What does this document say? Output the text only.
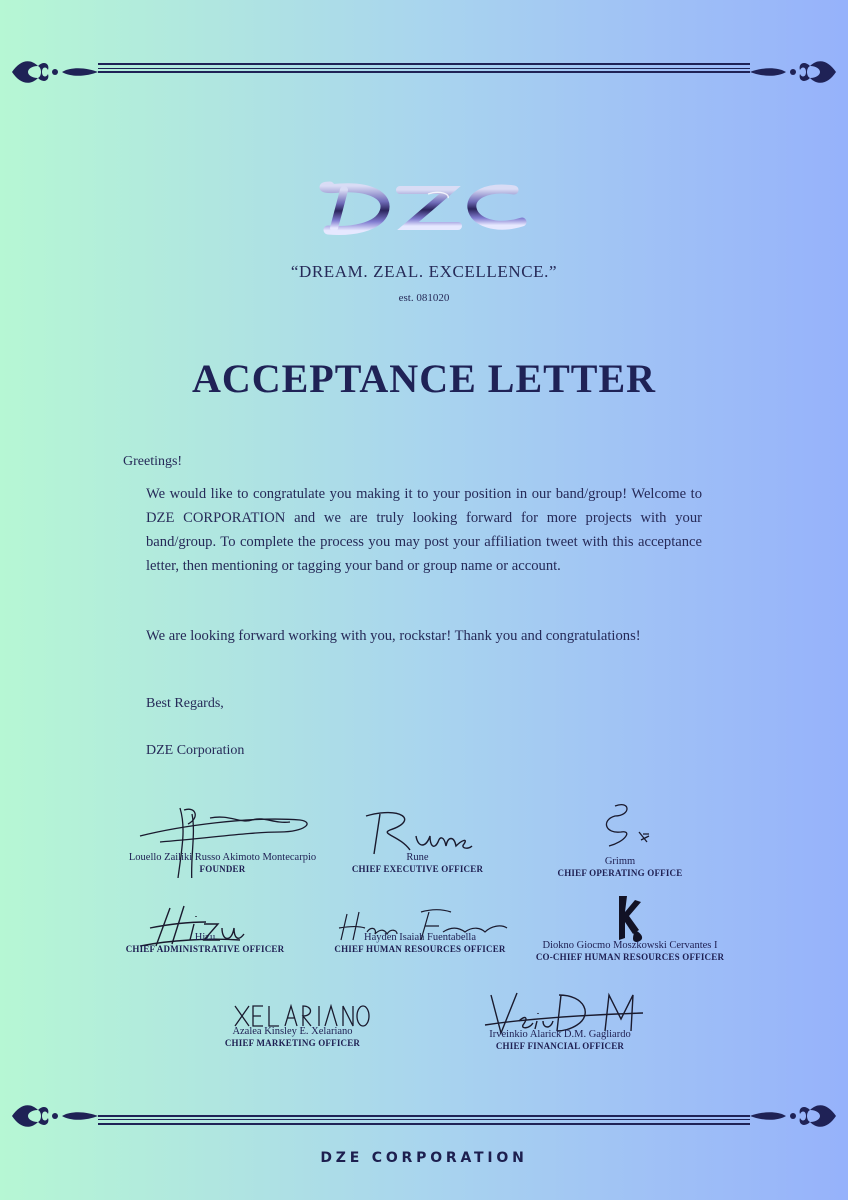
“DREAM. ZEAL. EXCELLENCE.”
est. 081020
ACCEPTANCE LETTER
Greetings!
We would like to congratulate you making it to your position in our band/group! Welcome to DZE CORPORATION and we are truly looking forward for more projects with your band/group. To complete the process you may post your affiliation tweet with this acceptance letter, then mentioning or tagging your band or group name or account.
We are looking forward working with you, rockstar! Thank you and congratulations!
Best Regards,
DZE Corporation
Louello Zailiki Russo Akimoto Montecarpio
FOUNDER
Rune
CHIEF EXECUTIVE OFFICER
Grimm
CHIEF OPERATING OFFICE
Hizu
CHIEF ADMINISTRATIVE OFFICER
Hayden Isaiah Fuentabella
CHIEF HUMAN RESOURCES OFFICER	Diokno Giocmo Moszkowski Cervantes I
CO-CHIEF HUMAN RESOURCES OFFICER
Azalea Kinsley E. Xelariano
CHIEF MARKETING OFFICER
Irveinkio Alarick D.M. Gagliardo
CHIEF FINANCIAL OFFICER
DZE CORPORATION
